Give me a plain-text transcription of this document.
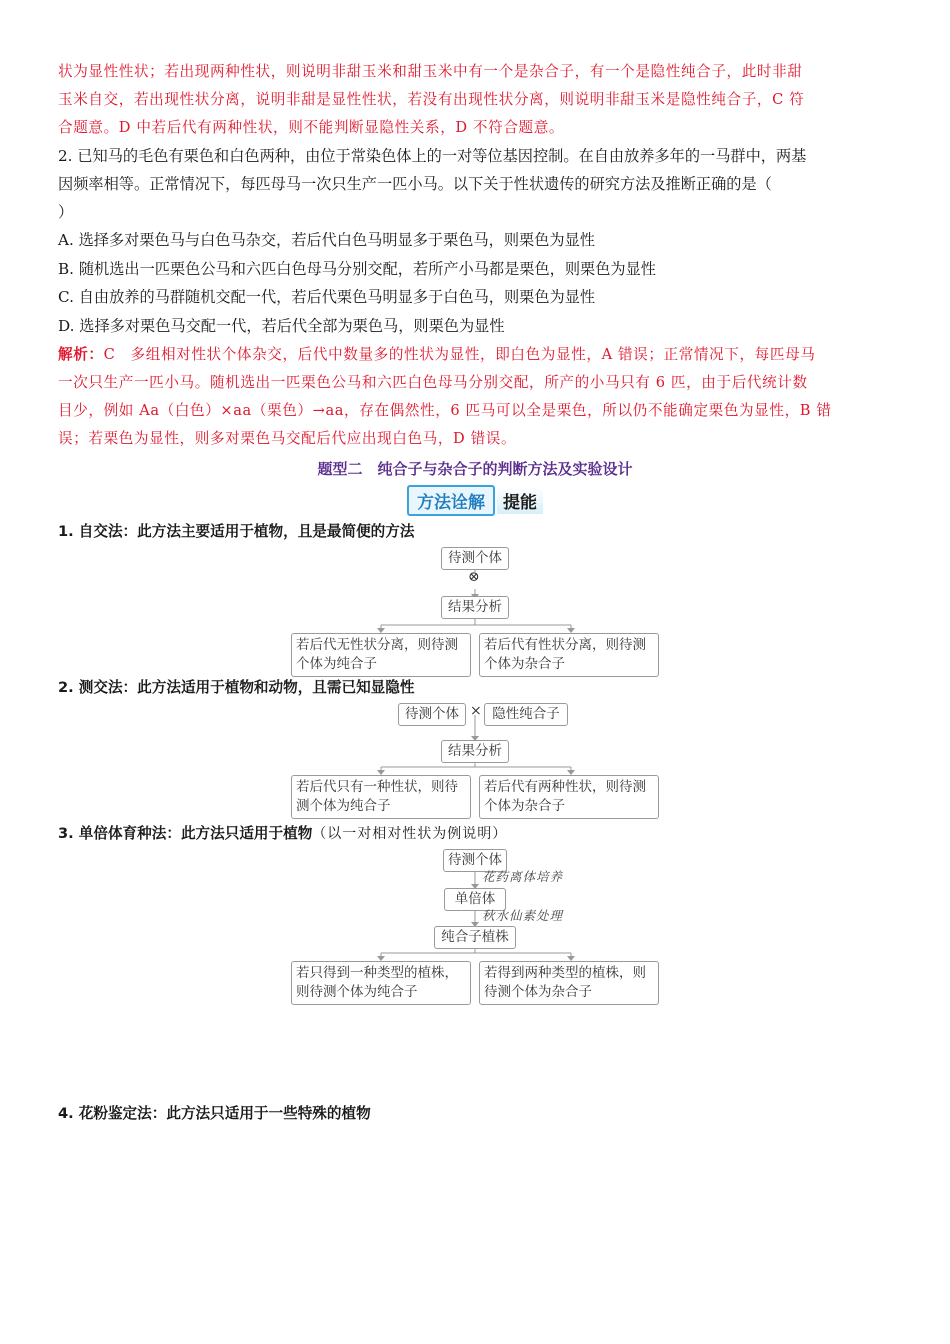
状为显性性状；若出现两种性状，则说明非甜玉米和甜玉米中有一个是杂合子，有一个是隐性纯合子，此时非甜
玉米自交，若出现性状分离，说明非甜是显性性状，若没有出现性状分离，则说明非甜玉米是隐性纯合子，C 符
合题意。D 中若后代有两种性状，则不能判断显隐性关系，D 不符合题意。
2. 已知马的毛色有栗色和白色两种，由位于常染色体上的一对等位基因控制。在自由放养多年的一马群中，两基
因频率相等。正常情况下，每匹母马一次只生产一匹小马。以下关于性状遗传的研究方法及推断正确的是（
）
A. 选择多对栗色马与白色马杂交，若后代白色马明显多于栗色马，则栗色为显性
B. 随机选出一匹栗色公马和六匹白色母马分别交配，若所产小马都是栗色，则栗色为显性
C. 自由放养的马群随机交配一代，若后代栗色马明显多于白色马，则栗色为显性
D. 选择多对栗色马交配一代，若后代全部为栗色马，则栗色为显性
解析：C　多组相对性状个体杂交，后代中数量多的性状为显性，即白色为显性，A 错误；正常情况下，每匹母马
一次只生产一匹小马。随机选出一匹栗色公马和六匹白色母马分别交配，所产的小马只有 6 匹，由于后代统计数
目少，例如 Aa（白色）×aa（栗色）→aa，存在偶然性，6 匹马可以全是栗色，所以仍不能确定栗色为显性，B 错
误；若栗色为显性，则多对栗色马交配后代应出现白色马，D 错误。
题型二　纯合子与杂合子的判断方法及实验设计
方法诠解	提能
1. 自交法：此方法主要适用于植物，且是最简便的方法
待测个体
⊗
结果分析
若后代无性状分离，则待测个体为纯合子
若后代有性状分离，则待测个体为杂合子
2. 测交法：此方法适用于植物和动物，且需已知显隐性
待测个体 × 隐性纯合子
结果分析
若后代只有一种性状，则待测个体为纯合子
若后代有两种性状，则待测个体为杂合子
3. 单倍体育种法：此方法只适用于植物（以一对相对性状为例说明）
待测个体
花药离体培养
单倍体
秋水仙素处理
纯合子植株
若只得到一种类型的植株，则待测个体为纯合子
若得到两种类型的植株，则待测个体为杂合子
4. 花粉鉴定法：此方法只适用于一些特殊的植物
